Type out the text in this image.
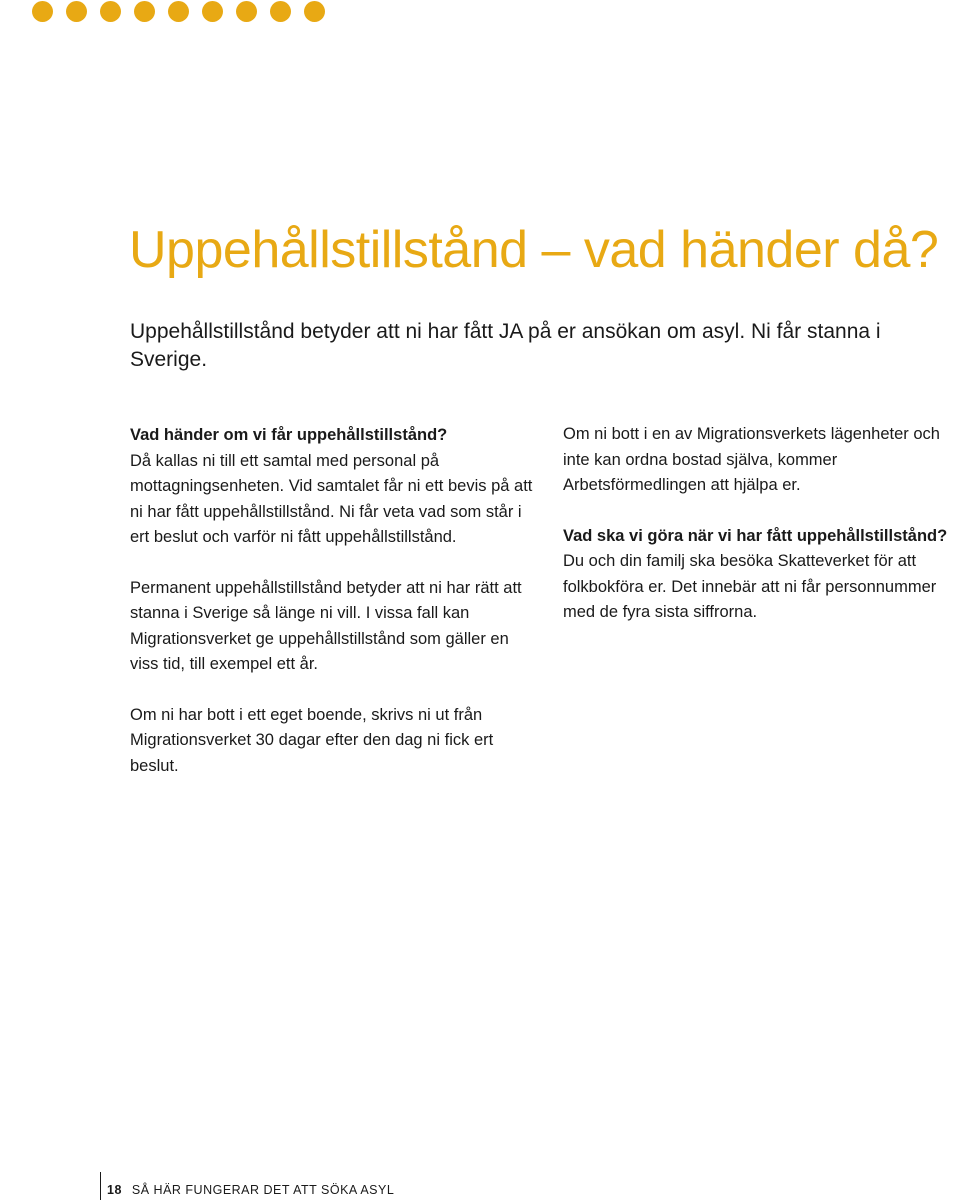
Uppehållstillstånd – vad händer då?

Uppehållstillstånd betyder att ni har fått JA på er ansökan om asyl. Ni får stanna i Sverige.

Vad händer om vi får uppehållstillstånd?

Då kallas ni till ett samtal med personal på mottagningsenheten. Vid samtalet får ni ett bevis på att ni har fått uppehållstillstånd. Ni får veta vad som står i ert beslut och varför ni fått uppehållstillstånd.

Permanent uppehållstillstånd betyder att ni har rätt att stanna i Sverige så länge ni vill. I vissa fall kan Migrationsverket ge uppehållstillstånd som gäller en viss tid, till exempel ett år.

Om ni har bott i ett eget boende, skrivs ni ut från Migrationsverket 30 dagar efter den dag ni fick ert beslut.

Om ni bott i en av Migrationsverkets lägenheter och inte kan ordna bostad själva, kommer Arbetsförmedlingen att hjälpa er.

Vad ska vi göra när vi har fått uppehållstillstånd?

Du och din familj ska besöka Skatteverket för att folkbokföra er. Det innebär att ni får personnummer med de fyra sista siffrorna.

18 SÅ HÄR FUNGERAR DET ATT SÖKA ASYL
